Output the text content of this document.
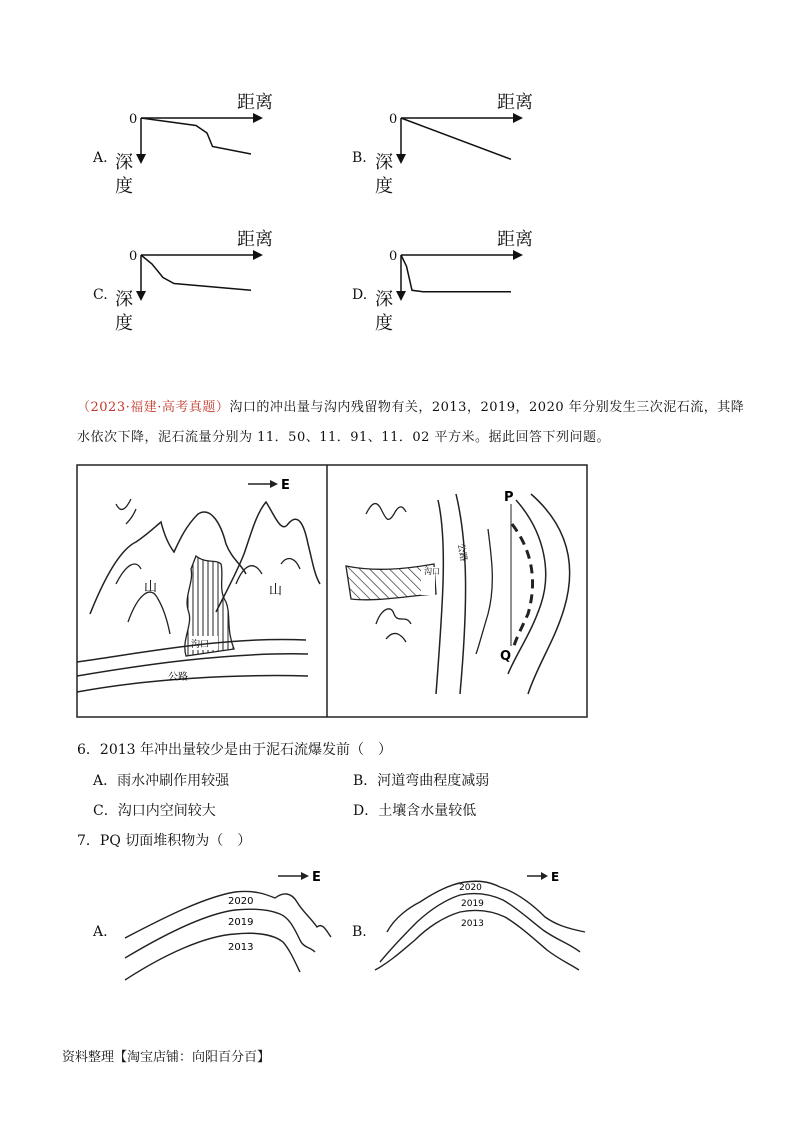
A.	B.
C.	D.
0
距离
深
度
0
距离
深
度
0
距离
深
度
0
距离
深
度
（2023·福建·高考真题）沟口的冲出量与沟内残留物有关，2013，2019，2020 年分别发生三次泥石流，其降水依次下降，泥石流量分别为 11．50、11．91、11．02 平方米。据此回答下列问题。
E
山	山
沟口
公路
沟口
公路
P
Q
6．2013 年冲出量较少是由于泥石流爆发前（　）
A．雨水冲刷作用较强	B．河道弯曲程度减弱
C．沟口内空间较大	D．土壤含水量较低
7．PQ 切面堆积物为（　）
A.
E
2020
2019
2013
B.
E
2020
2019
2013
资料整理【淘宝店铺：向阳百分百】
